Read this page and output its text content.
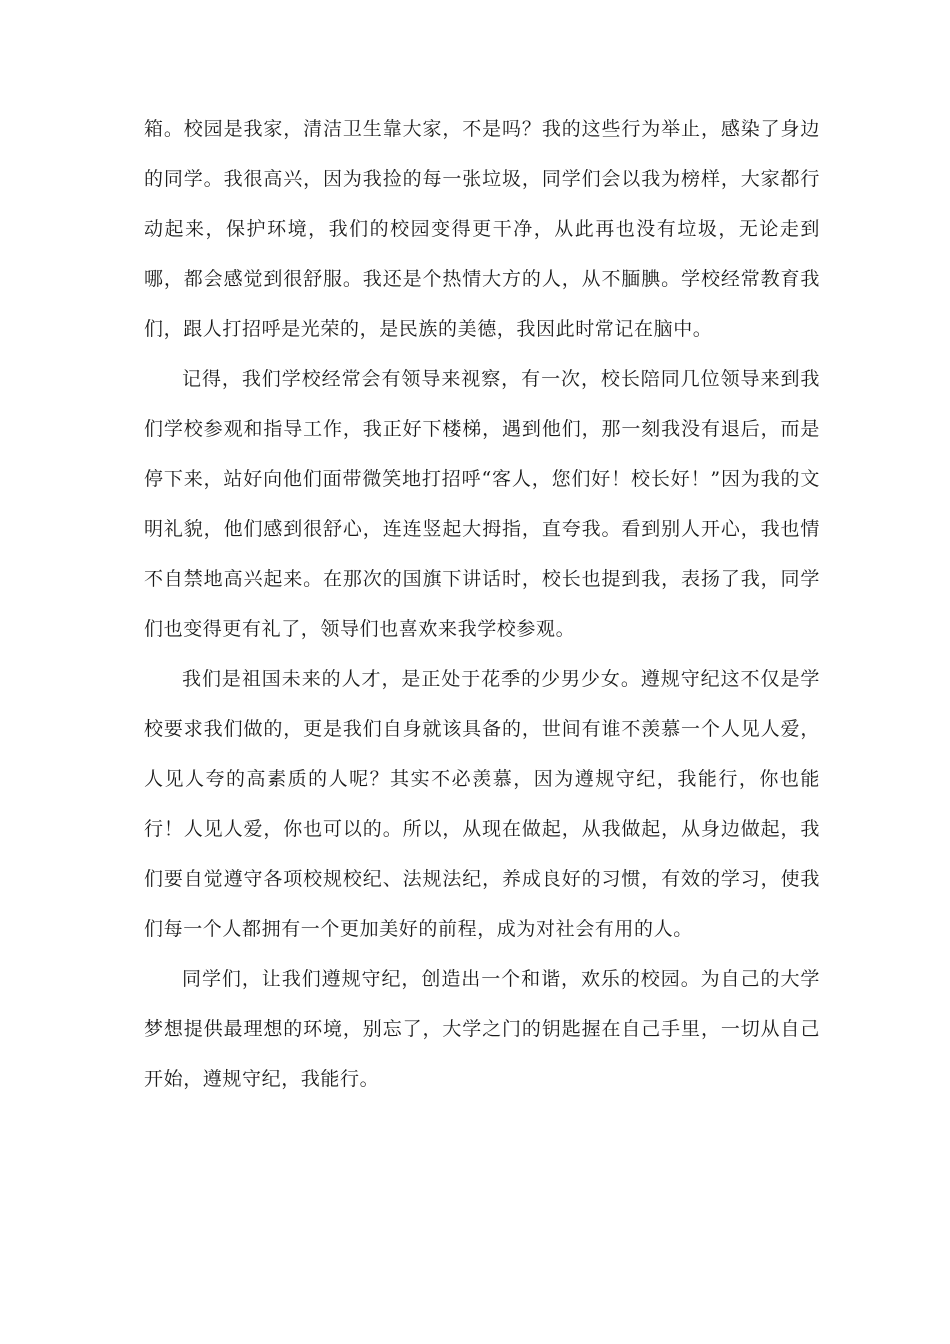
箱。校园是我家，清洁卫生靠大家，不是吗？我的这些行为举止，感染了身边的同学。我很高兴，因为我捡的每一张垃圾，同学们会以我为榜样，大家都行动起来，保护环境，我们的校园变得更干净，从此再也没有垃圾，无论走到哪，都会感觉到很舒服。我还是个热情大方的人，从不腼腆。学校经常教育我们，跟人打招呼是光荣的，是民族的美德，我因此时常记在脑中。

记得，我们学校经常会有领导来视察，有一次，校长陪同几位领导来到我们学校参观和指导工作，我正好下楼梯，遇到他们，那一刻我没有退后，而是停下来，站好向他们面带微笑地打招呼“客人，您们好！校长好！”因为我的文明礼貌，他们感到很舒心，连连竖起大拇指，直夸我。看到别人开心，我也情不自禁地高兴起来。在那次的国旗下讲话时，校长也提到我，表扬了我，同学们也变得更有礼了，领导们也喜欢来我学校参观。

我们是祖国未来的人才，是正处于花季的少男少女。遵规守纪这不仅是学校要求我们做的，更是我们自身就该具备的，世间有谁不羡慕一个人见人爱，人见人夸的高素质的人呢？其实不必羡慕，因为遵规守纪，我能行，你也能行！人见人爱，你也可以的。所以，从现在做起，从我做起，从身边做起，我们要自觉遵守各项校规校纪、法规法纪，养成良好的习惯，有效的学习，使我们每一个人都拥有一个更加美好的前程，成为对社会有用的人。

同学们，让我们遵规守纪，创造出一个和谐，欢乐的校园。为自己的大学梦想提供最理想的环境，别忘了，大学之门的钥匙握在自己手里，一切从自己开始，遵规守纪，我能行。
